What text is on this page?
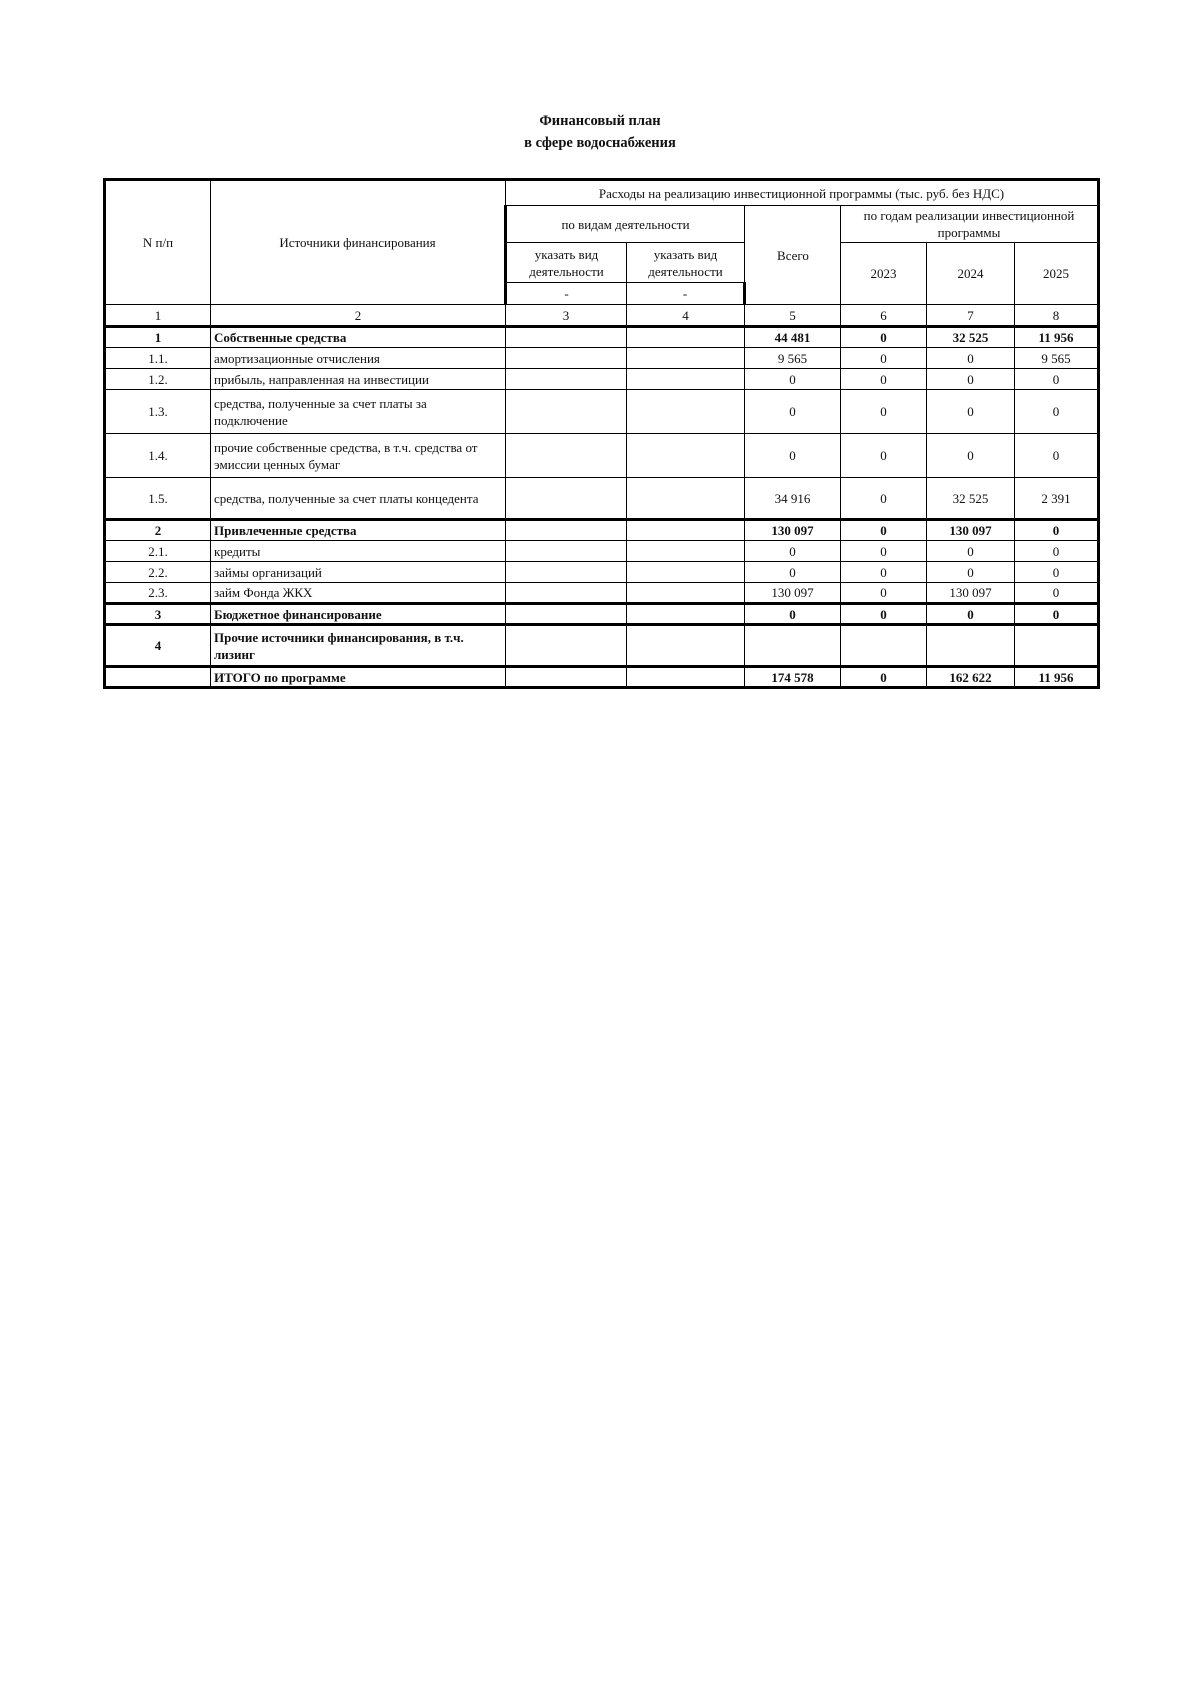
Финансовый план
в сфере водоснабжения
N п/п	Источники финансирования	Расходы на реализацию инвестиционной программы (тыс. руб. без НДС)					
		по видам деятельности		Всего	по годам реализации инвестиционной программы		
		указать вид деятельности	указать вид деятельности		2023	2024	2025
		-	-				

1	2	3	4	5	6	7	8
1	Собственные средства			44 481	0	32 525	11 956
1.1.	амортизационные отчисления			9 565	0	0	9 565
1.2.	прибыль, направленная на инвестиции			0	0	0	0
1.3.	средства, полученные за счет платы за подключение			0	0	0	0
1.4.	прочие собственные средства, в т.ч. средства от эмиссии ценных бумаг			0	0	0	0
1.5.	средства, полученные за счет платы концедента			34 916	0	32 525	2 391
2	Привлеченные средства			130 097	0	130 097	0
2.1.	кредиты			0	0	0	0
2.2.	займы организаций			0	0	0	0
2.3.	займ Фонда ЖКХ			130 097	0	130 097	0
3	Бюджетное финансирование			0	0	0	0
4	Прочие источники финансирования, в т.ч. лизинг						
	ИТОГО по программе			174 578	0	162 622	11 956
